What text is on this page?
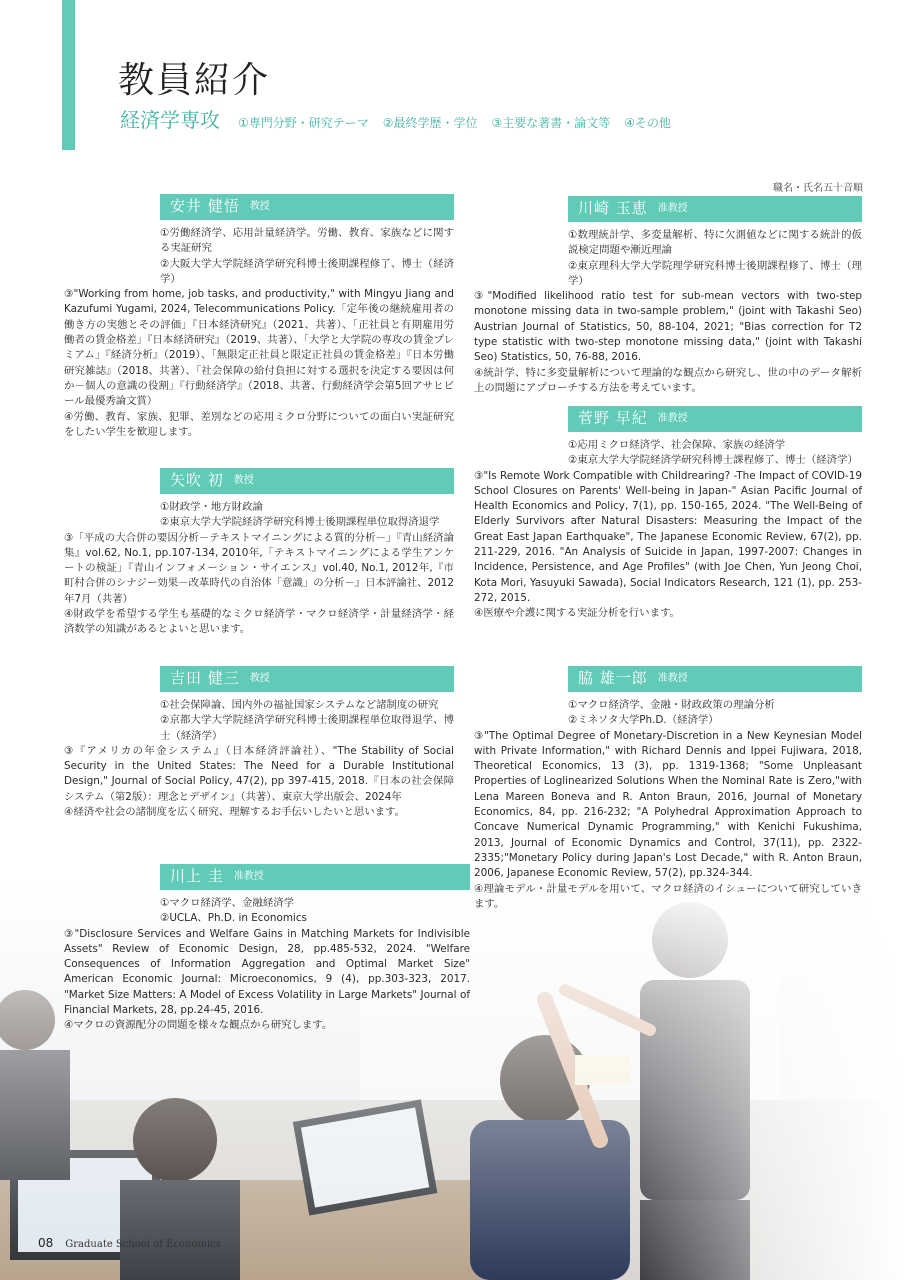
教員紹介
経済学専攻 ①専門分野・研究テーマ ②最終学歴・学位 ③主要な著書・論文等 ④その他
職名・氏名五十音順
安井 健悟 教授

①労働経済学、応用計量経済学。労働、教育、家族などに関する実証研究

②大阪大学大学院経済学研究科博士後期課程修了、博士（経済学）

③"Working from home, job tasks, and productivity," with Mingyu Jiang and Kazufumi Yugami, 2024, Telecommunications Policy.「定年後の継続雇用者の働き方の実態とその評価」『日本経済研究』（2021、共著）、「正社員と有期雇用労働者の賃金格差」『日本経済研究』（2019、共著）、「大学と大学院の専攻の賃金プレミアム」『経済分析』（2019）、「無限定正社員と限定正社員の賃金格差」『日本労働研究雑誌』（2018、共著）、「社会保障の給付負担に対する選択を決定する要因は何か－個人の意識の役割」『行動経済学』（2018、共著、行動経済学会第5回アサヒビール最優秀論文賞）

④労働、教育、家族、犯罪、差別などの応用ミクロ分野についての面白い実証研究をしたい学生を歓迎します。

矢吹 初 教授

①財政学・地方財政論

②東京大学大学院経済学研究科博士後期課程単位取得済退学

③「平成の大合併の要因分析－テキストマイニングによる質的分析－」『青山経済論集』vol.62, No.1, pp.107-134, 2010年,「テキストマイニングによる学生アンケートの検証」『青山インフォメーション・サイエンス』vol.40, No.1, 2012年,『市町村合併のシナジー効果－改革時代の自治体「意識」の分析－』日本評論社、2012年7月（共著）

④財政学を希望する学生も基礎的なミクロ経済学・マクロ経済学・計量経済学・経済数学の知識があるとよいと思います。

吉田 健三 教授

①社会保障論、国内外の福祉国家システムなど諸制度の研究

②京都大学大学院経済学研究科博士後期課程単位取得退学、博士（経済学）

③『アメリカの年金システム』（日本経済評論社）、"The Stability of Social Security in the United States: The Need for a Durable Institutional Design," Journal of Social Policy, 47(2), pp 397-415, 2018.『日本の社会保障システム（第2版）：理念とデザイン』（共著）、東京大学出版会、2024年

④経済や社会の諸制度を広く研究、理解するお手伝いしたいと思います。

川上 圭 准教授

①マクロ経済学、金融経済学

②UCLA、Ph.D. in Economics

③"Disclosure Services and Welfare Gains in Matching Markets for Indivisible Assets" Review of Economic Design, 28, pp.485-532, 2024. "Welfare Consequences of Information Aggregation and Optimal Market Size" American Economic Journal: Microeconomics, 9 (4), pp.303-323, 2017. "Market Size Matters: A Model of Excess Volatility in Large Markets" Journal of Financial Markets, 28, pp.24-45, 2016.

④マクロの資源配分の問題を様々な観点から研究します。

川崎 玉恵 准教授

①数理統計学、多変量解析、特に欠測値などに関する統計的仮説検定問題や漸近理論

②東京理科大学大学院理学研究科博士後期課程修了、博士（理学）

③"Modified likelihood ratio test for sub-mean vectors with two-step monotone missing data in two-sample problem," (joint with Takashi Seo) Austrian Journal of Statistics, 50, 88-104, 2021; "Bias correction for T2 type statistic with two-step monotone missing data," (joint with Takashi Seo) Statistics, 50, 76-88, 2016.

④統計学、特に多変量解析について理論的な観点から研究し、世の中のデータ解析上の問題にアプローチする方法を考えています。

菅野 早紀 准教授

①応用ミクロ経済学、社会保障、家族の経済学

②東京大学大学院経済学研究科博士課程修了、博士（経済学）

③"Is Remote Work Compatible with Childrearing? -The Impact of COVID-19 School Closures on Parents' Well-being in Japan-" Asian Pacific Journal of Health Economics and Policy, 7(1), pp. 150-165, 2024. "The Well-Being of Elderly Survivors after Natural Disasters: Measuring the Impact of the Great East Japan Earthquake", The Japanese Economic Review, 67(2), pp. 211-229, 2016. "An Analysis of Suicide in Japan, 1997-2007: Changes in Incidence, Persistence, and Age Profiles" (with Joe Chen, Yun Jeong Choi, Kota Mori, Yasuyuki Sawada), Social Indicators Research, 121 (1), pp. 253-272, 2015.

④医療や介護に関する実証分析を行います。

脇 雄一郎 准教授

①マクロ経済学、金融・財政政策の理論分析

②ミネソタ大学Ph.D.（経済学）

③"The Optimal Degree of Monetary-Discretion in a New Keynesian Model with Private Information," with Richard Dennis and Ippei Fujiwara, 2018, Theoretical Economics, 13 (3), pp. 1319-1368; "Some Unpleasant Properties of Loglinearized Solutions When the Nominal Rate is Zero,"with Lena Mareen Boneva and R. Anton Braun, 2016, Journal of Monetary Economics, 84, pp. 216-232; "A Polyhedral Approximation Approach to Concave Numerical Dynamic Programming," with Kenichi Fukushima, 2013, Journal of Economic Dynamics and Control, 37(11), pp. 2322-2335;"Monetary Policy during Japan's Lost Decade," with R. Anton Braun, 2006, Japanese Economic Review, 57(2), pp.324-344.

④理論モデル・計量モデルを用いて、マクロ経済のイシューについて研究していきます。

08 Graduate School of Economics
